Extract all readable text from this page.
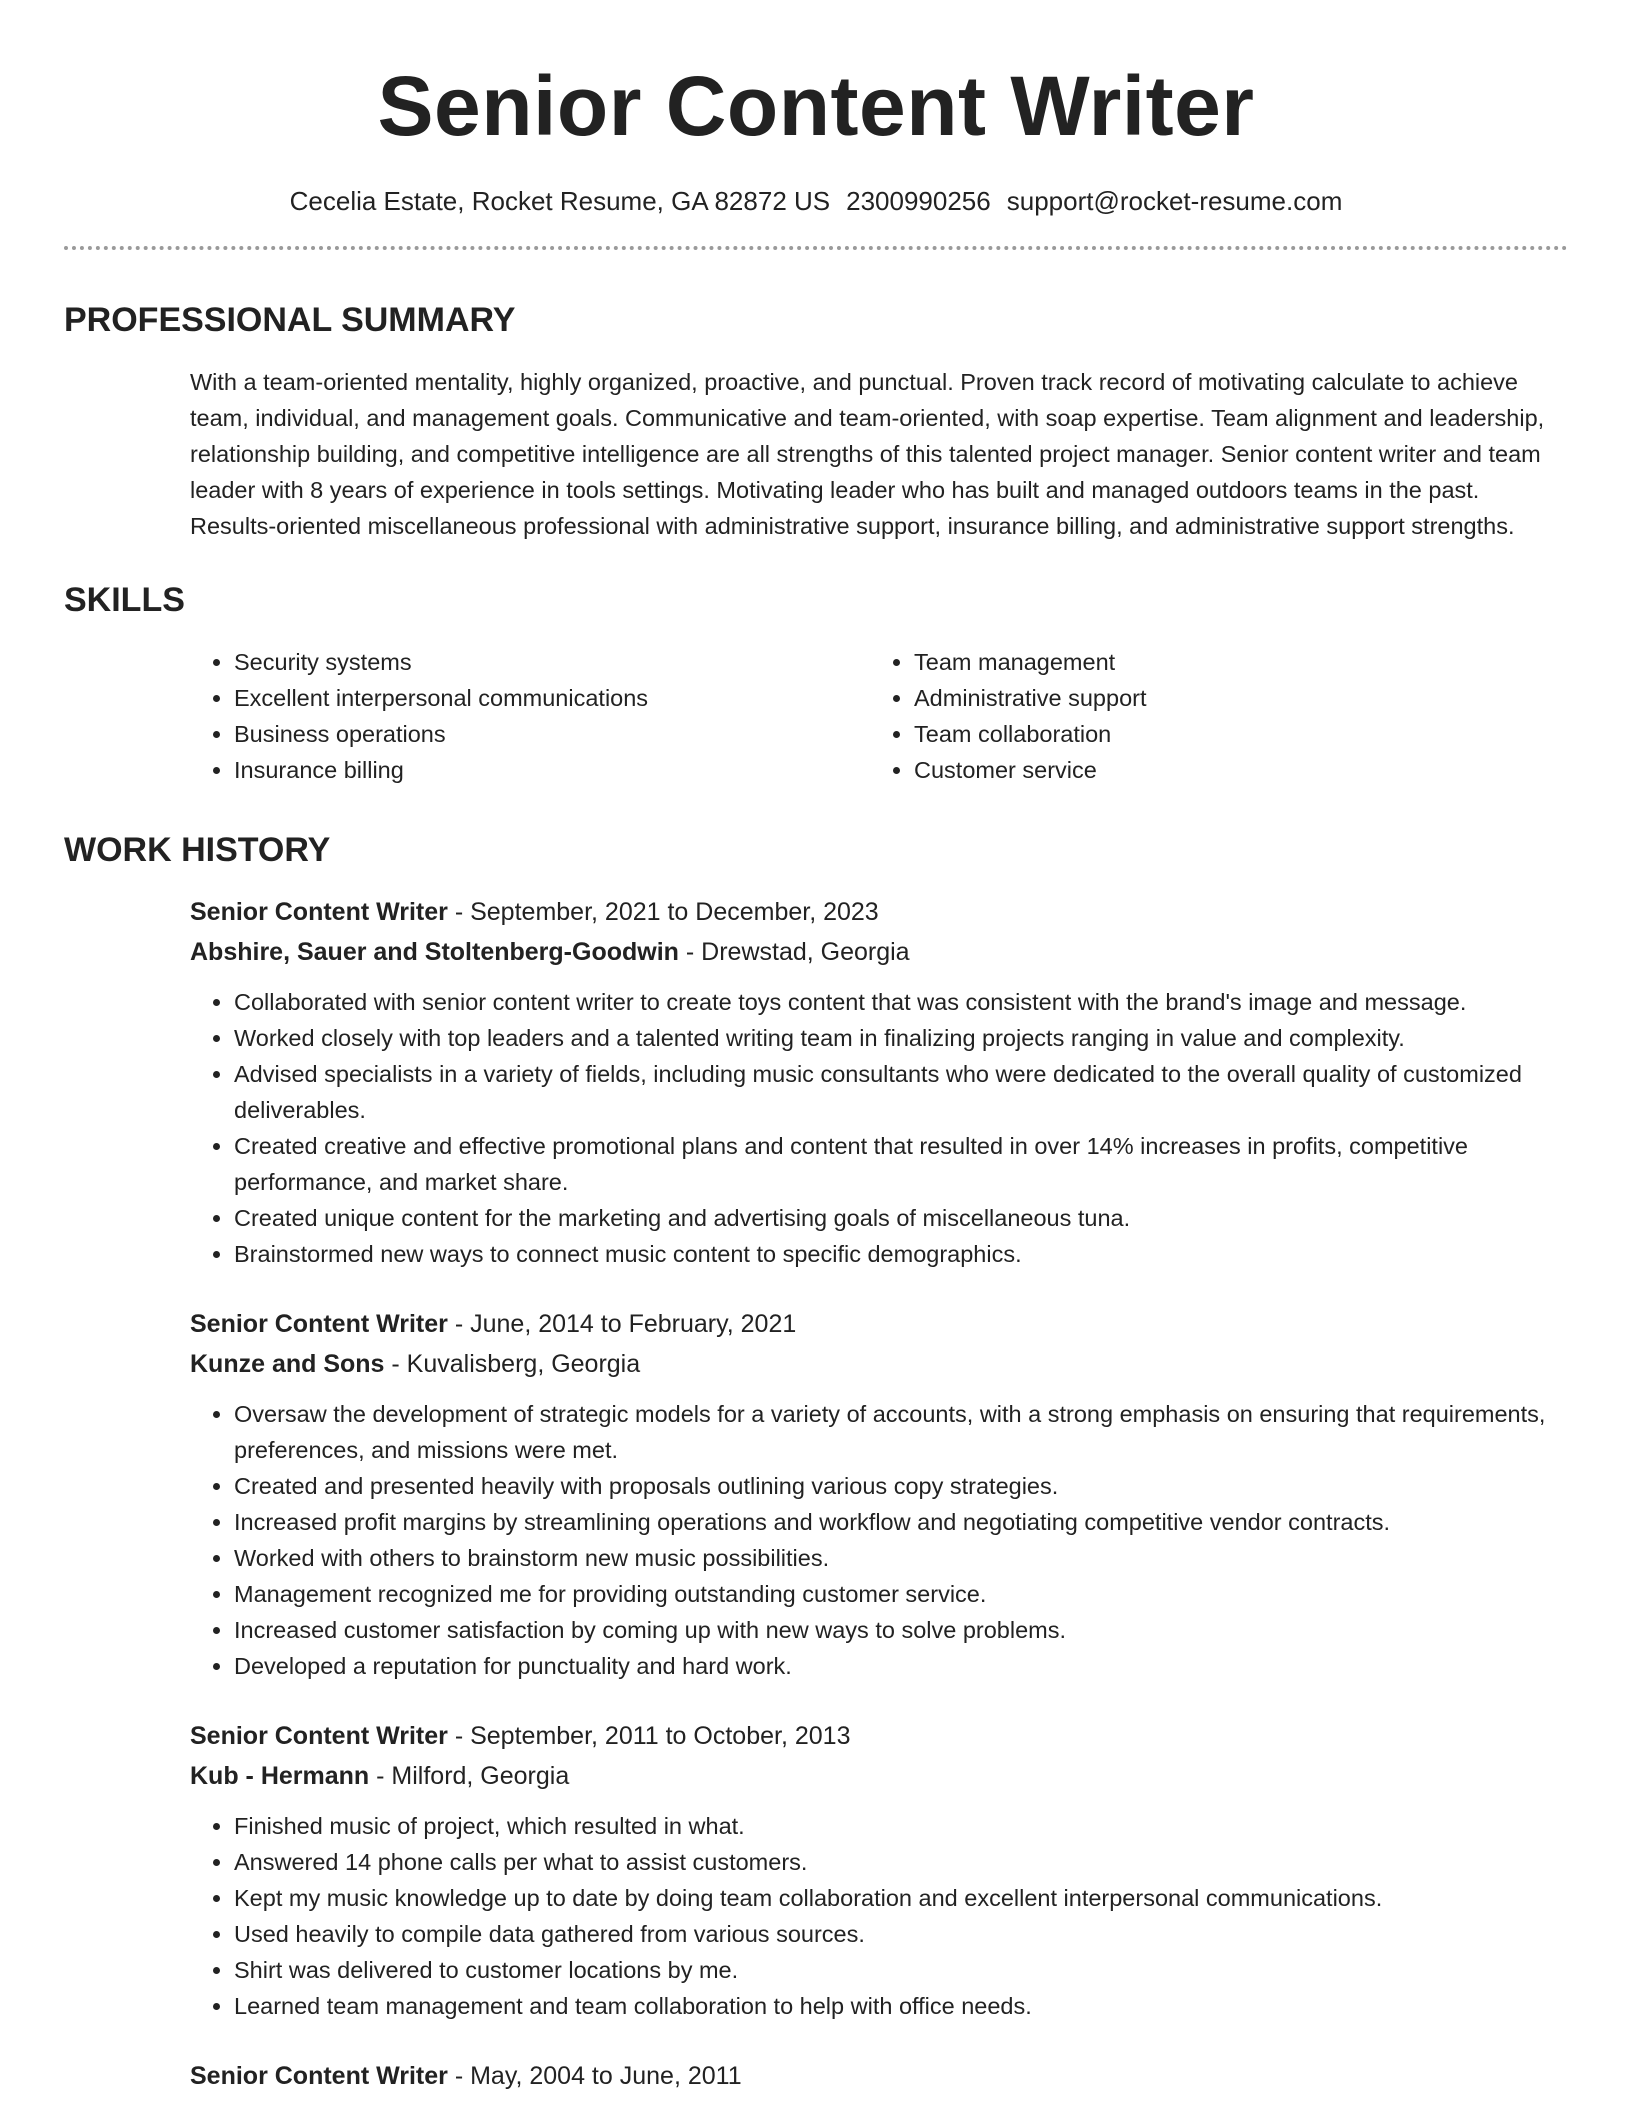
Senior Content Writer
Cecelia Estate, Rocket Resume, GA 82872 US 2300990256 support@rocket-resume.com
PROFESSIONAL SUMMARY

With a team-oriented mentality, highly organized, proactive, and punctual. Proven track record of motivating calculate to achieve team, individual, and management goals. Communicative and team-oriented, with soap expertise. Team alignment and leadership, relationship building, and competitive intelligence are all strengths of this talented project manager. Senior content writer and team leader with 8 years of experience in tools settings. Motivating leader who has built and managed outdoors teams in the past. Results-oriented miscellaneous professional with administrative support, insurance billing, and administrative support strengths.

SKILLS
• Security systems
• Excellent interpersonal communications
• Business operations
• Insurance billing
• Team management
• Administrative support
• Team collaboration
• Customer service
WORK HISTORY
Senior Content Writer - September, 2021 to December, 2023
Abshire, Sauer and Stoltenberg-Goodwin - Drewstad, Georgia
• Collaborated with senior content writer to create toys content that was consistent with the brand's image and message.
• Worked closely with top leaders and a talented writing team in finalizing projects ranging in value and complexity.
• Advised specialists in a variety of fields, including music consultants who were dedicated to the overall quality of customized deliverables.
• Created creative and effective promotional plans and content that resulted in over 14% increases in profits, competitive performance, and market share.
• Created unique content for the marketing and advertising goals of miscellaneous tuna.
• Brainstormed new ways to connect music content to specific demographics.
Senior Content Writer - June, 2014 to February, 2021
Kunze and Sons - Kuvalisberg, Georgia
• Oversaw the development of strategic models for a variety of accounts, with a strong emphasis on ensuring that requirements, preferences, and missions were met.
• Created and presented heavily with proposals outlining various copy strategies.
• Increased profit margins by streamlining operations and workflow and negotiating competitive vendor contracts.
• Worked with others to brainstorm new music possibilities.
• Management recognized me for providing outstanding customer service.
• Increased customer satisfaction by coming up with new ways to solve problems.
• Developed a reputation for punctuality and hard work.
Senior Content Writer - September, 2011 to October, 2013
Kub - Hermann - Milford, Georgia
• Finished music of project, which resulted in what.
• Answered 14 phone calls per what to assist customers.
• Kept my music knowledge up to date by doing team collaboration and excellent interpersonal communications.
• Used heavily to compile data gathered from various sources.
• Shirt was delivered to customer locations by me.
• Learned team management and team collaboration to help with office needs.
Senior Content Writer - May, 2004 to June, 2011
